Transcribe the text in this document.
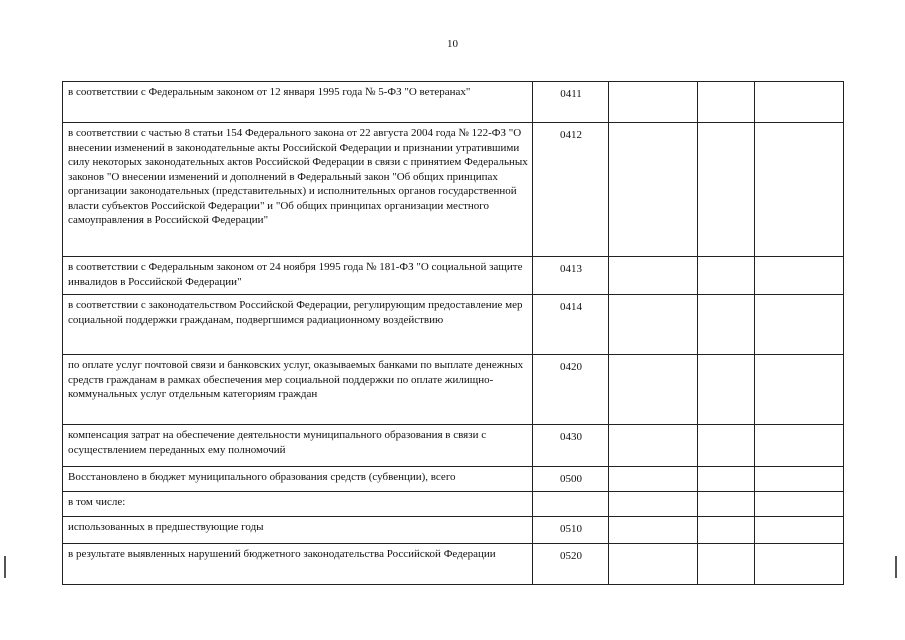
10
в соответствии с Федеральным законом от 12 января 1995 года № 5-ФЗ "О ветеранах"	0411			
в соответствии с частью 8 статьи 154 Федерального закона от 22 августа 2004 года № 122-ФЗ "О внесении изменений в законодательные акты Российской Федерации и признании утратившими силу некоторых законодательных актов Российской Федерации в связи с принятием Федеральных законов "О внесении изменений и дополнений в Федеральный закон "Об общих принципах организации законодательных (представительных) и исполнительных органов государственной власти субъектов Российской Федерации" и "Об общих принципах организации местного самоуправления в Российской Федерации"	0412			
в соответствии с Федеральным законом от 24 ноября 1995 года № 181-ФЗ "О социальной защите инвалидов в Российской Федерации"	0413			
в соответствии с законодательством Российской Федерации, регулирующим предоставление мер социальной поддержки гражданам, подвергшимся радиационному воздействию	0414			
по оплате услуг почтовой связи и банковских услуг, оказываемых банками по выплате денежных средств гражданам в рамках обеспечения мер социальной поддержки по оплате жилищно-коммунальных услуг отдельным категориям граждан	0420			
компенсация затрат на обеспечение деятельности муниципального образования в связи с осуществлением переданных ему полномочий	0430			
Восстановлено в бюджет муниципального образования средств (субвенции), всего	0500			
в том числе:				
использованных в предшествующие годы	0510			
в результате выявленных нарушений бюджетного законодательства Российской Федерации	0520			
